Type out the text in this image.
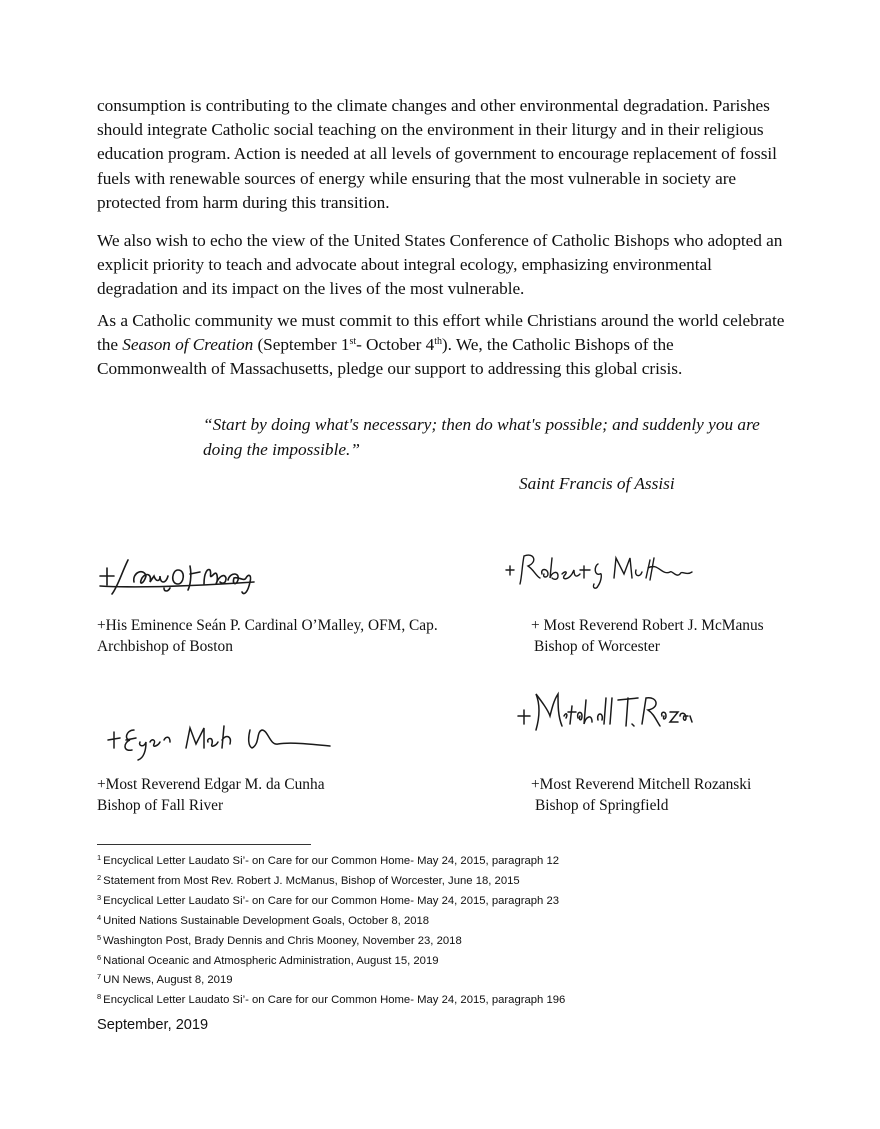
consumption is contributing to the climate changes and other environmental degradation. Parishes should integrate Catholic social teaching on the environment in their liturgy and in their religious education program. Action is needed at all levels of government to encourage replacement of fossil fuels with renewable sources of energy while ensuring that the most vulnerable in society are protected from harm during this transition.

We also wish to echo the view of the United States Conference of Catholic Bishops who adopted an explicit priority to teach and advocate about integral ecology, emphasizing environmental degradation and its impact on the lives of the most vulnerable.

As a Catholic community we must commit to this effort while Christians around the world celebrate the Season of Creation (September 1st- October 4th). We, the Catholic Bishops of the Commonwealth of Massachusetts, pledge our support to addressing this global crisis.

“Start by doing what's necessary; then do what's possible; and suddenly you are doing the impossible.”

Saint Francis of Assisi

+His Eminence Seán P. Cardinal O’Malley, OFM, Cap.
Archbishop of Boston
+ Most Reverend Robert J. McManus
Bishop of Worcester
+Most Reverend Edgar M. da Cunha
Bishop of Fall River
+Most Reverend Mitchell Rozanski
Bishop of Springfield
$^1$ Encyclical Letter Laudato Si’- on Care for our Common Home- May 24, 2015, paragraph 12
$^2$ Statement from Most Rev. Robert J. McManus, Bishop of Worcester, June 18, 2015
$^3$ Encyclical Letter Laudato Si’- on Care for our Common Home- May 24, 2015, paragraph 23
$^4$ United Nations Sustainable Development Goals, October 8, 2018
$^5$ Washington Post, Brady Dennis and Chris Mooney, November 23, 2018
$^6$ National Oceanic and Atmospheric Administration, August 15, 2019
$^7$ UN News, August 8, 2019
$^8$ Encyclical Letter Laudato Si’- on Care for our Common Home- May 24, 2015, paragraph 196
September, 2019
